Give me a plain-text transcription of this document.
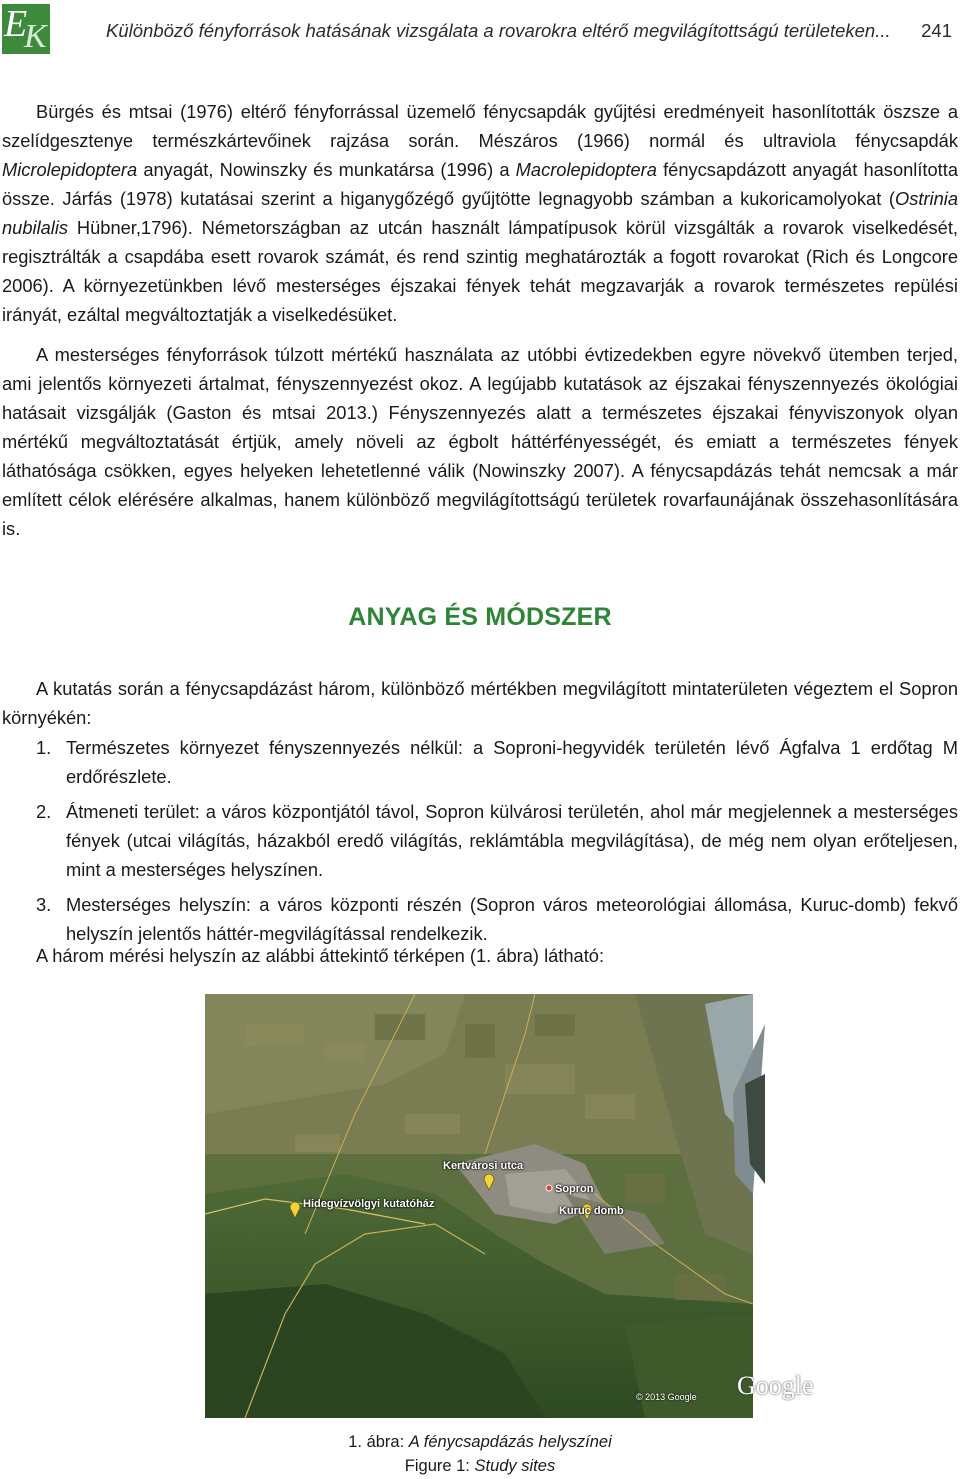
E
K	Különböző fényforrások hatásának vizsgálata a rovarokra eltérő megvilágítottságú területeken... 241
Bürgés és mtsai (1976) eltérő fényforrással üzemelő fénycsapdák gyűjtési eredményeit hasonlították öszsze a szelídgesztenye természkártevőinek rajzása során. Mészáros (1966) normál és ultraviola fénycsapdák Microlepidoptera anyagát, Nowinszky és munkatársa (1996) a Macrolepidoptera fénycsapdázott anyagát hasonlította össze. Járfás (1978) kutatásai szerint a higanygőzégő gyűjtötte legnagyobb számban a kukoricamolyokat (Ostrinia nubilalis Hübner,1796). Németországban az utcán használt lámpatípusok körül vizsgálták a rovarok viselkedését, regisztrálták a csapdába esett rovarok számát, és rend szintig meghatározták a fogott rovarokat (Rich és Longcore 2006). A környezetünkben lévő mesterséges éjszakai fények tehát megzavarják a rovarok természetes repülési irányát, ezáltal megváltoztatják a viselkedésüket.
A mesterséges fényforrások túlzott mértékű használata az utóbbi évtizedekben egyre növekvő ütemben terjed, ami jelentős környezeti ártalmat, fényszennyezést okoz. A legújabb kutatások az éjszakai fényszennyezés ökológiai hatásait vizsgálják (Gaston és mtsai 2013.) Fényszennyezés alatt a természetes éjszakai fényviszonyok olyan mértékű megváltoztatását értjük, amely növeli az égbolt háttérfényességét, és emiatt a természetes fények láthatósága csökken, egyes helyeken lehetetlenné válik (Nowinszky 2007). A fénycsapdázás tehát nemcsak a már említett célok elérésére alkalmas, hanem különböző megvilágítottságú területek rovarfaunájának összehasonlítására is.
ANYAG ÉS MÓDSZER
A kutatás során a fénycsapdázást három, különböző mértékben megvilágított mintaterületen végeztem el Sopron környékén:
1. Természetes környezet fényszennyezés nélkül: a Soproni-hegyvidék területén lévő Ágfalva 1 erdőtag M erdőrészlete.
2. Átmeneti terület: a város központjától távol, Sopron külvárosi területén, ahol már megjelennek a mesterséges fények (utcai világítás, házakból eredő világítás, reklámtábla megvilágítása), de még nem olyan erőteljesen, mint a mesterséges helyszínen.
3. Mesterséges helyszín: a város központi részén (Sopron város meteorológiai állomása, Kuruc-domb) fekvő helyszín jelentős háttér-megvilágítással rendelkezik.
A három mérési helyszín az alábbi áttekintő térképen (1. ábra) látható:
Hidegvízvölgyi kutatóház
Kertvárosi utca
Sopron
Kuruc domb
© 2013 Google Google
1. ábra: A fénycsapdázás helyszínei
Figure 1: Study sites
